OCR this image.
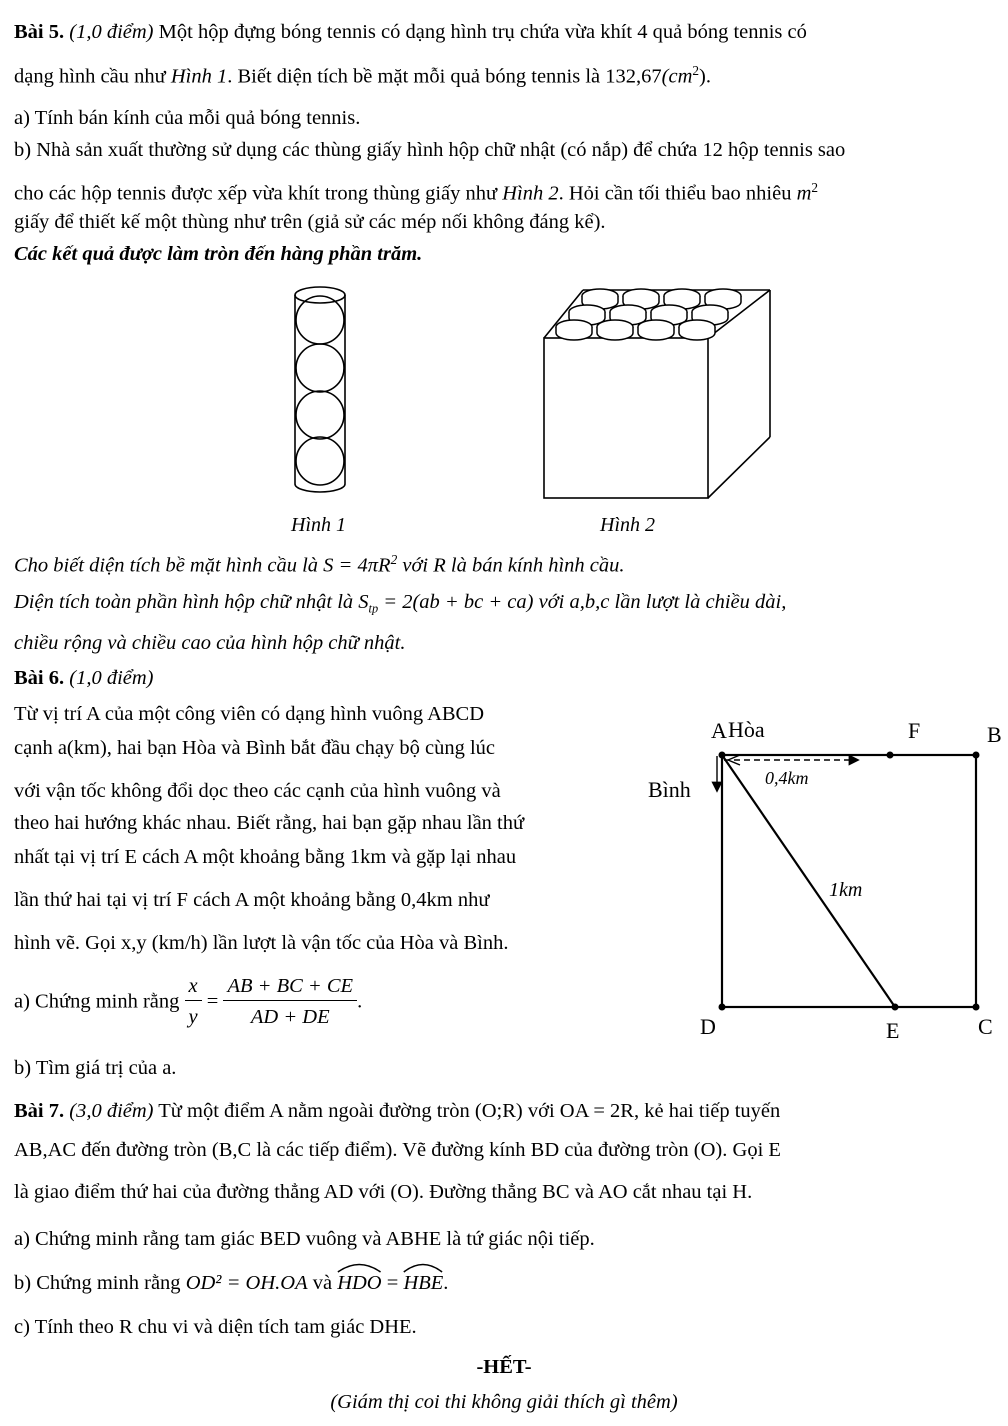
Bài 5. (1,0 điểm) Một hộp đựng bóng tennis có dạng hình trụ chứa vừa khít 4 quả bóng tennis có
dạng hình cầu như Hình 1. Biết diện tích bề mặt mỗi quả bóng tennis là $132,67(cm^2)$.
a) Tính bán kính của mỗi quả bóng tennis.
b) Nhà sản xuất thường sử dụng các thùng giấy hình hộp chữ nhật (có nắp) để chứa 12 hộp tennis sao
cho các hộp tennis được xếp vừa khít trong thùng giấy như Hình 2. Hỏi cần tối thiểu bao nhiêu $m^2$
giấy để thiết kế một thùng như trên (giả sử các mép nối không đáng kể).
Các kết quả được làm tròn đến hàng phần trăm.
Hình 1	Hình 2
Cho biết diện tích bề mặt hình cầu là $S = 4\pi R^2$ với R là bán kính hình cầu.
Diện tích toàn phần hình hộp chữ nhật là $S_{tp} = 2(ab$ + bc + ca) với a,b,c lần lượt là chiều dài,
chiều rộng và chiều cao của hình hộp chữ nhật.
Bài 6. (1,0 điểm)
Từ vị trí A của một công viên có dạng hình vuông ABCD
cạnh a(km), hai bạn Hòa và Bình bắt đầu chạy bộ cùng lúc
với vận tốc không đổi dọc theo các cạnh của hình vuông và
theo hai hướng khác nhau. Biết rằng, hai bạn gặp nhau lần thứ
nhất tại vị trí E cách A một khoảng bằng 1km và gặp lại nhau
lần thứ hai tại vị trí F cách A một khoảng bằng 0,4km như
hình vẽ. Gọi x,y (km/h) lần lượt là vận tốc của Hòa và Bình.
a) Chứng minh rằng $\frac{x}{y} = \frac{AB + BC + CE}{AD + DE}$ .
b) Tìm giá trị của a.
A Hòa	F	B
Bình	0,4km
1km
D	E	C
Bài 7. (3,0 điểm) Từ một điểm A nằm ngoài đường tròn (O;R) với OA = 2R, kẻ hai tiếp tuyến
AB,AC đến đường tròn (B,C là các tiếp điểm). Vẽ đường kính BD của đường tròn (O). Gọi E
là giao điểm thứ hai của đường thẳng AD với (O). Đường thẳng BC và AO cắt nhau tại H.
a) Chứng minh rằng tam giác BED vuông và ABHE là tứ giác nội tiếp.
b) Chứng minh rằng OD² = OH.OA và
HDO =
HBE.
c) Tính theo R chu vi và diện tích tam giác DHE.
-HẾT-
(Giám thị coi thi không giải thích gì thêm)
